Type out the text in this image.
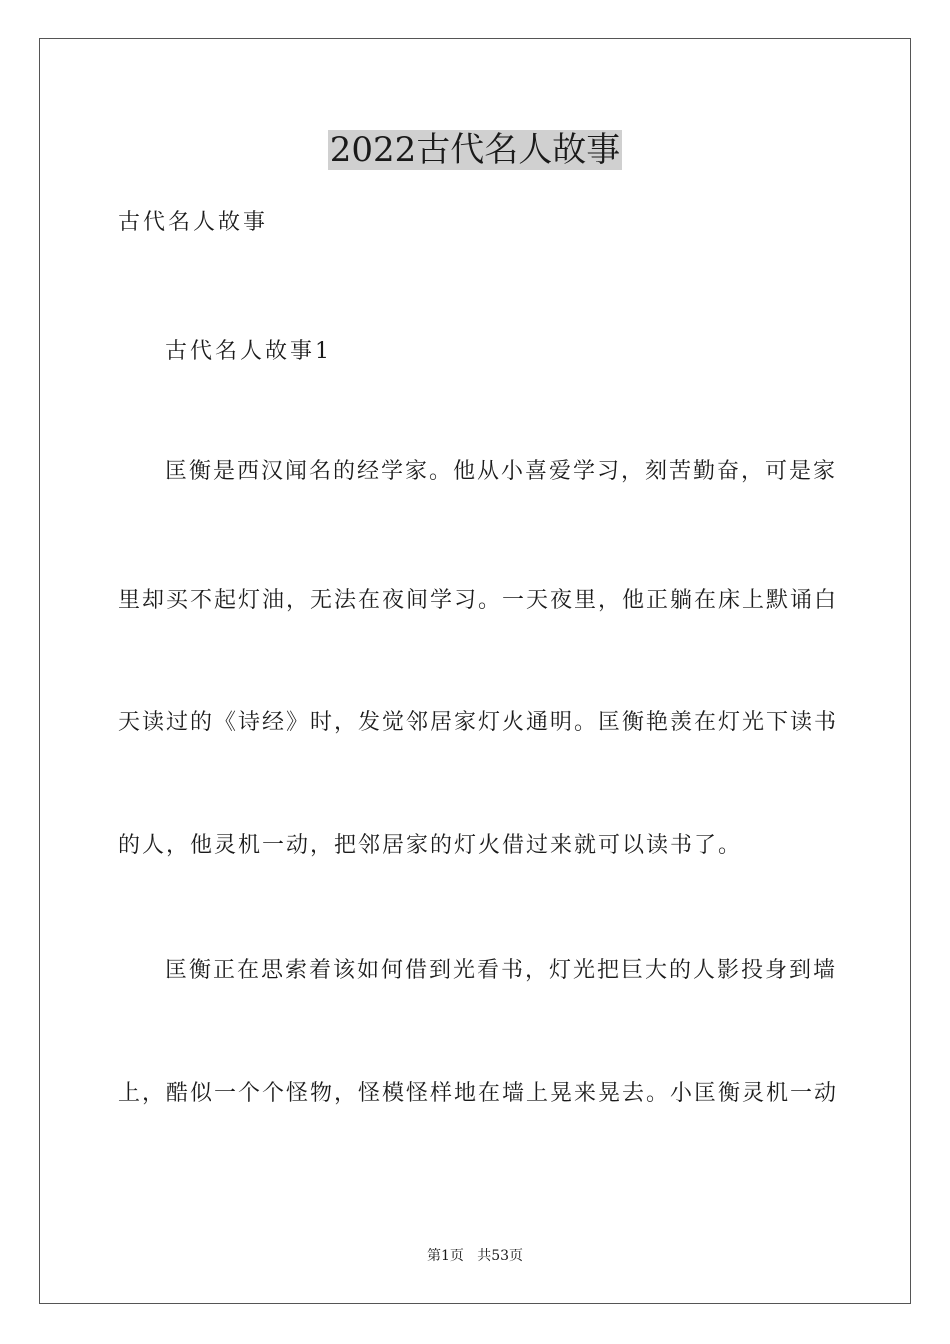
2022古代名人故事

古代名人故事

古代名人故事1

匡衡是西汉闻名的经学家。他从小喜爱学习，刻苦勤奋，可是家

里却买不起灯油，无法在夜间学习。一天夜里，他正躺在床上默诵白

天读过的《诗经》时，发觉邻居家灯火通明。匡衡艳羡在灯光下读书

的人，他灵机一动，把邻居家的灯火借过来就可以读书了。

匡衡正在思索着该如何借到光看书，灯光把巨大的人影投身到墙

上，酷似一个个怪物，怪模怪样地在墙上晃来晃去。小匡衡灵机一动

第1页   共53页
